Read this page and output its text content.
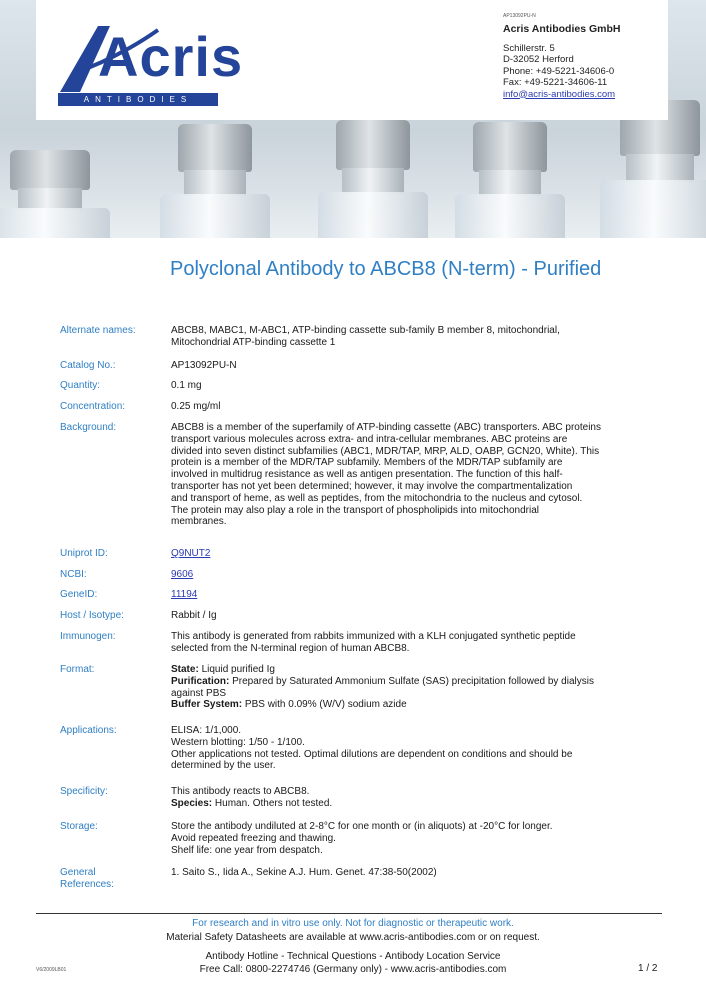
Acris
ANTIBODIES
AP13092PU-N
Acris Antibodies GmbH
Schillerstr. 5
D-32052 Herford
Phone: +49-5221-34606-0
Fax: +49-5221-34606-11
info@acris-antibodies.com
Polyclonal Antibody to ABCB8 (N-term) - Purified
Alternate names:	ABCB8, MABC1, M-ABC1, ATP-binding cassette sub-family B member 8, mitochondrial,
Mitochondrial ATP-binding cassette 1
Catalog No.:	AP13092PU-N
Quantity:	0.1 mg
Concentration:	0.25 mg/ml
Background:	ABCB8 is a member of the superfamily of ATP-binding cassette (ABC) transporters. ABC proteins
transport various molecules across extra- and intra-cellular membranes. ABC proteins are
divided into seven distinct subfamilies (ABC1, MDR/TAP, MRP, ALD, OABP, GCN20, White). This
protein is a member of the MDR/TAP subfamily. Members of the MDR/TAP subfamily are
involved in multidrug resistance as well as antigen presentation. The function of this half-
transporter has not yet been determined; however, it may involve the compartmentalization
and transport of heme, as well as peptides, from the mitochondria to the nucleus and cytosol.
The protein may also play a role in the transport of phospholipids into mitochondrial
membranes.
Uniprot ID:	Q9NUT2
NCBI:	9606
GeneID:	11194
Host / Isotype:	Rabbit / Ig
Immunogen:	This antibody is generated from rabbits immunized with a KLH conjugated synthetic peptide
selected from the N-terminal region of human ABCB8.
Format:	State: Liquid purified Ig
Purification: Prepared by Saturated Ammonium Sulfate (SAS) precipitation followed by dialysis
against PBS
Buffer System: PBS with 0.09% (W/V) sodium azide
Applications:	ELISA: 1/1,000.
Western blotting: 1/50 - 1/100.
Other applications not tested. Optimal dilutions are dependent on conditions and should be
determined by the user.
Specificity:	This antibody reacts to ABCB8.
Species: Human. Others not tested.
Storage:	Store the antibody undiluted at 2-8°C for one month or (in aliquots) at -20°C for longer.
Avoid repeated freezing and thawing.
Shelf life: one year from despatch.
General
References:
1. Saito S., Iida A., Sekine A.J. Hum. Genet. 47:38-50(2002)
For research and in vitro use only. Not for diagnostic or therapeutic work.
Material Safety Datasheets are available at www.acris-antibodies.com or on request.
Antibody Hotline - Technical Questions - Antibody Location Service
Free Call: 0800-2274746 (Germany only) - www.acris-antibodies.com
V6/2009LB01	1 / 2
